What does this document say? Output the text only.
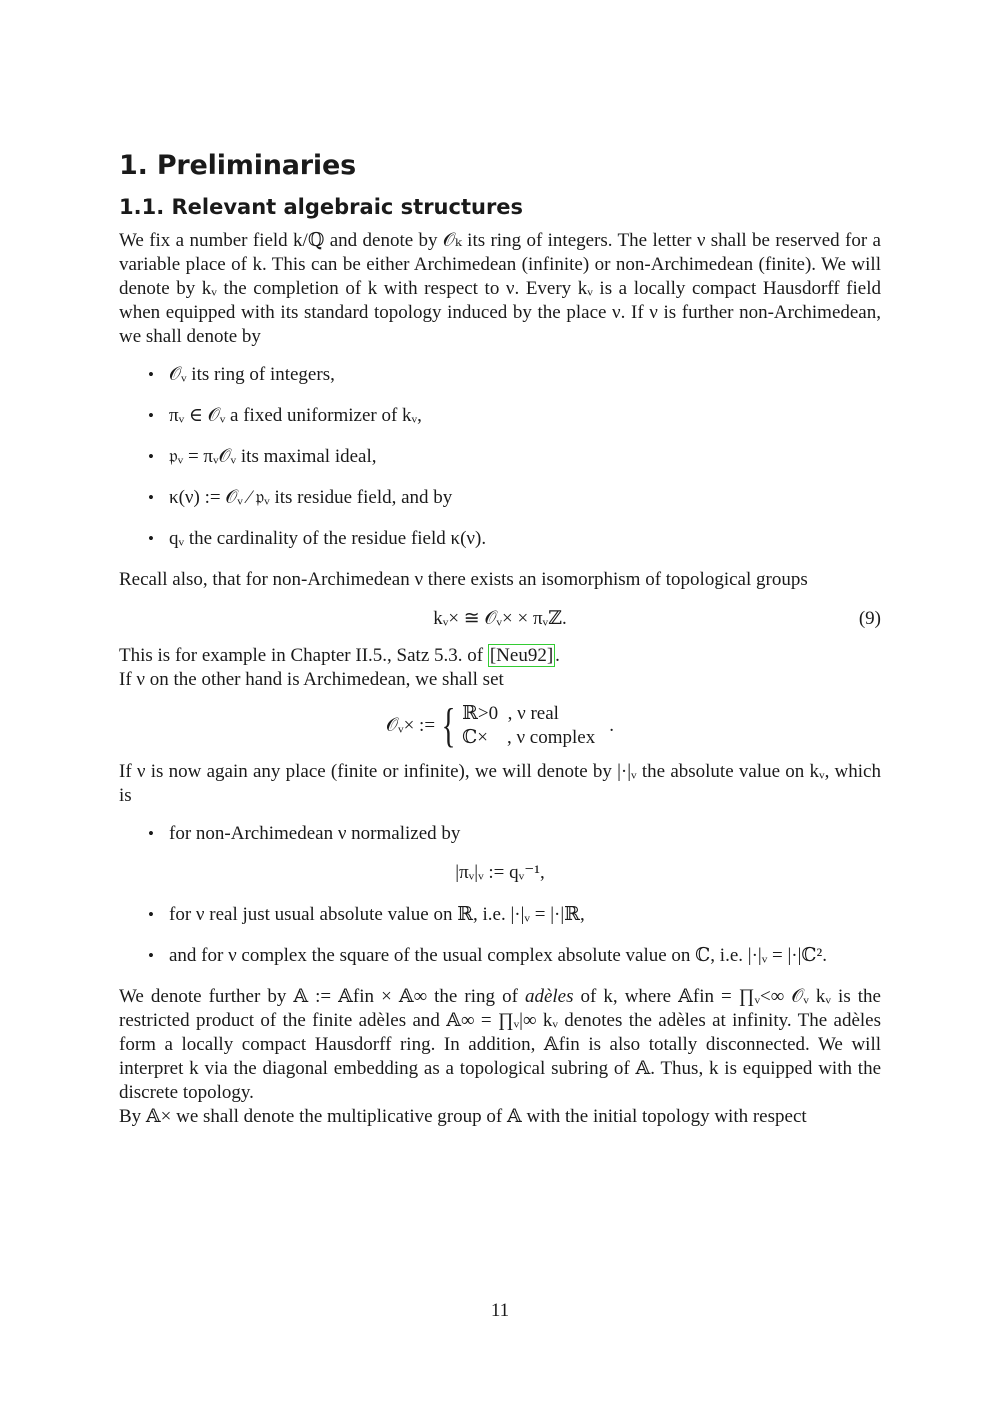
1. Preliminaries
1.1. Relevant algebraic structures

We fix a number field k/ℚ and denote by 𝒪ₖ its ring of integers. The letter ν shall be reserved for a variable place of k. This can be either Archimedean (infinite) or non-Archimedean (finite). We will denote by kᵥ the completion of k with respect to ν. Every kᵥ is a locally compact Hausdorff field when equipped with its standard topology induced by the place ν. If ν is further non-Archimedean, we shall denote by

• 𝒪ᵥ its ring of integers,
• πᵥ ∈ 𝒪ᵥ a fixed uniformizer of kᵥ,
• 𝔭ᵥ = πᵥ𝒪ᵥ its maximal ideal,
• κ(ν) := 𝒪ᵥ ⁄ 𝔭ᵥ its residue field, and by
• qᵥ the cardinality of the residue field κ(ν).

Recall also, that for non-Archimedean ν there exists an isomorphism of topological groups

kᵥ× ≅ 𝒪ᵥ× × πᵥℤ.	(9)

This is for example in Chapter II.5., Satz 5.3. of [Neu92] .

If ν on the other hand is Archimedean, we shall set

𝒪ᵥ× := { ℝ>0 , ν real
ℂ× , ν complex
.

If ν is now again any place (finite or infinite), we will denote by |·|ᵥ the absolute value on kᵥ, which is

• for non-Archimedean ν normalized by
|πᵥ|ᵥ := qᵥ⁻¹,
• for ν real just usual absolute value on ℝ, i.e. |·|ᵥ = |·|ℝ,
• and for ν complex the square of the usual complex absolute value on ℂ, i.e. |·|ᵥ = |·|ℂ².

We denote further by 𝔸 := 𝔸fin × 𝔸∞ the ring of adèles of k, where 𝔸fin = ∏ᵥ<∞ 𝒪ᵥ kᵥ is the restricted product of the finite adèles and 𝔸∞ = ∏ᵥ|∞ kᵥ denotes the adèles at infinity. The adèles form a locally compact Hausdorff ring. In addition, 𝔸fin is also totally disconnected. We will interpret k via the diagonal embedding as a topological subring of 𝔸. Thus, k is equipped with the discrete topology.

By 𝔸× we shall denote the multiplicative group of 𝔸 with the initial topology with respect

11
